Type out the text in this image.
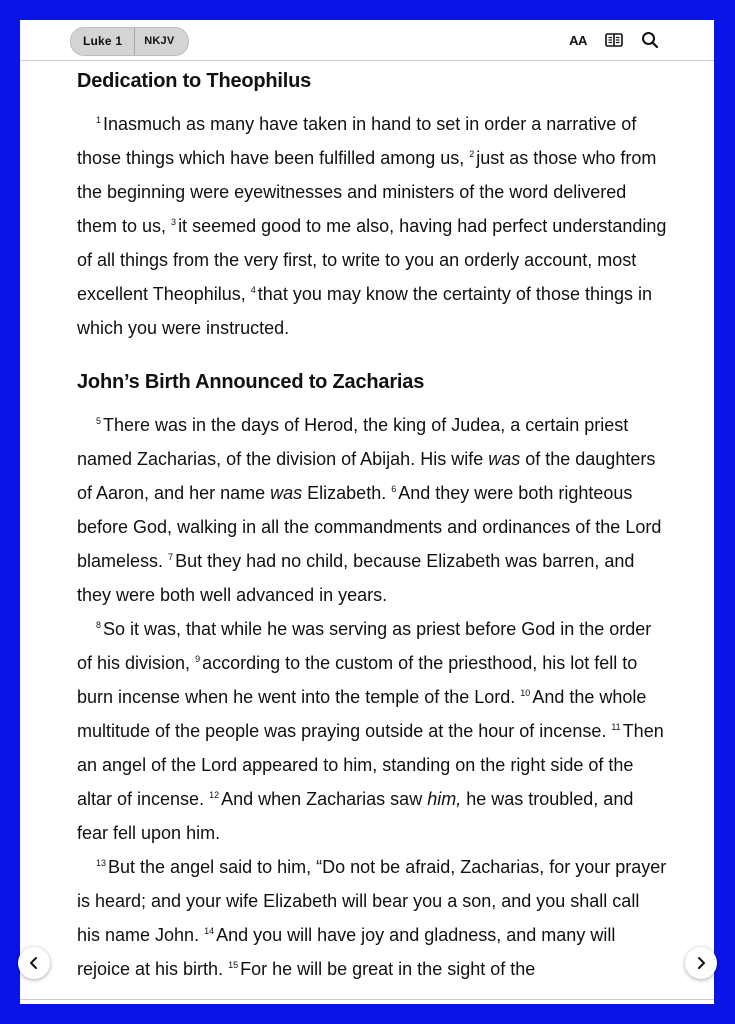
Luke 1	NKJV	AA
Dedication to Theophilus

$^1$ Inasmuch as many have taken in hand to set in order a narrative of those things which have been fulfilled among us, $^2$ just as those who from the beginning were eyewitnesses and ministers of the word delivered them to us, $^3$ it seemed good to me also, having had perfect understanding of all things from the very first, to write to you an orderly account, most excellent Theophilus, $^4$ that you may know the certainty of those things in which you were instructed.

John’s Birth Announced to Zacharias

$^5$ There was in the days of Herod, the king of Judea, a certain priest named Zacharias, of the division of Abijah. His wife was of the daughters of Aaron, and her name was Elizabeth. $^6$ And they were both righteous before God, walking in all the commandments and ordinances of the Lord blameless. $^7$ But they had no child, because Elizabeth was barren, and they were both well advanced in years.

$^8$ So it was, that while he was serving as priest before God in the order of his division, $^9$ according to the custom of the priesthood, his lot fell to burn incense when he went into the temple of the Lord. $^{10}$ And the whole multitude of the people was praying outside at the hour of incense. $^{11}$ Then an angel of the Lord appeared to him, standing on the right side of the altar of incense. $^{12}$ And when Zacharias saw him, he was troubled, and fear fell upon him.

$^{13}$ But the angel said to him, “Do not be afraid, Zacharias, for your prayer is heard; and your wife Elizabeth will bear you a son, and you shall call his name John. $^{14}$ And you will have joy and gladness, and many will rejoice at his birth. $^{15}$ For he will be great in the sight of the
